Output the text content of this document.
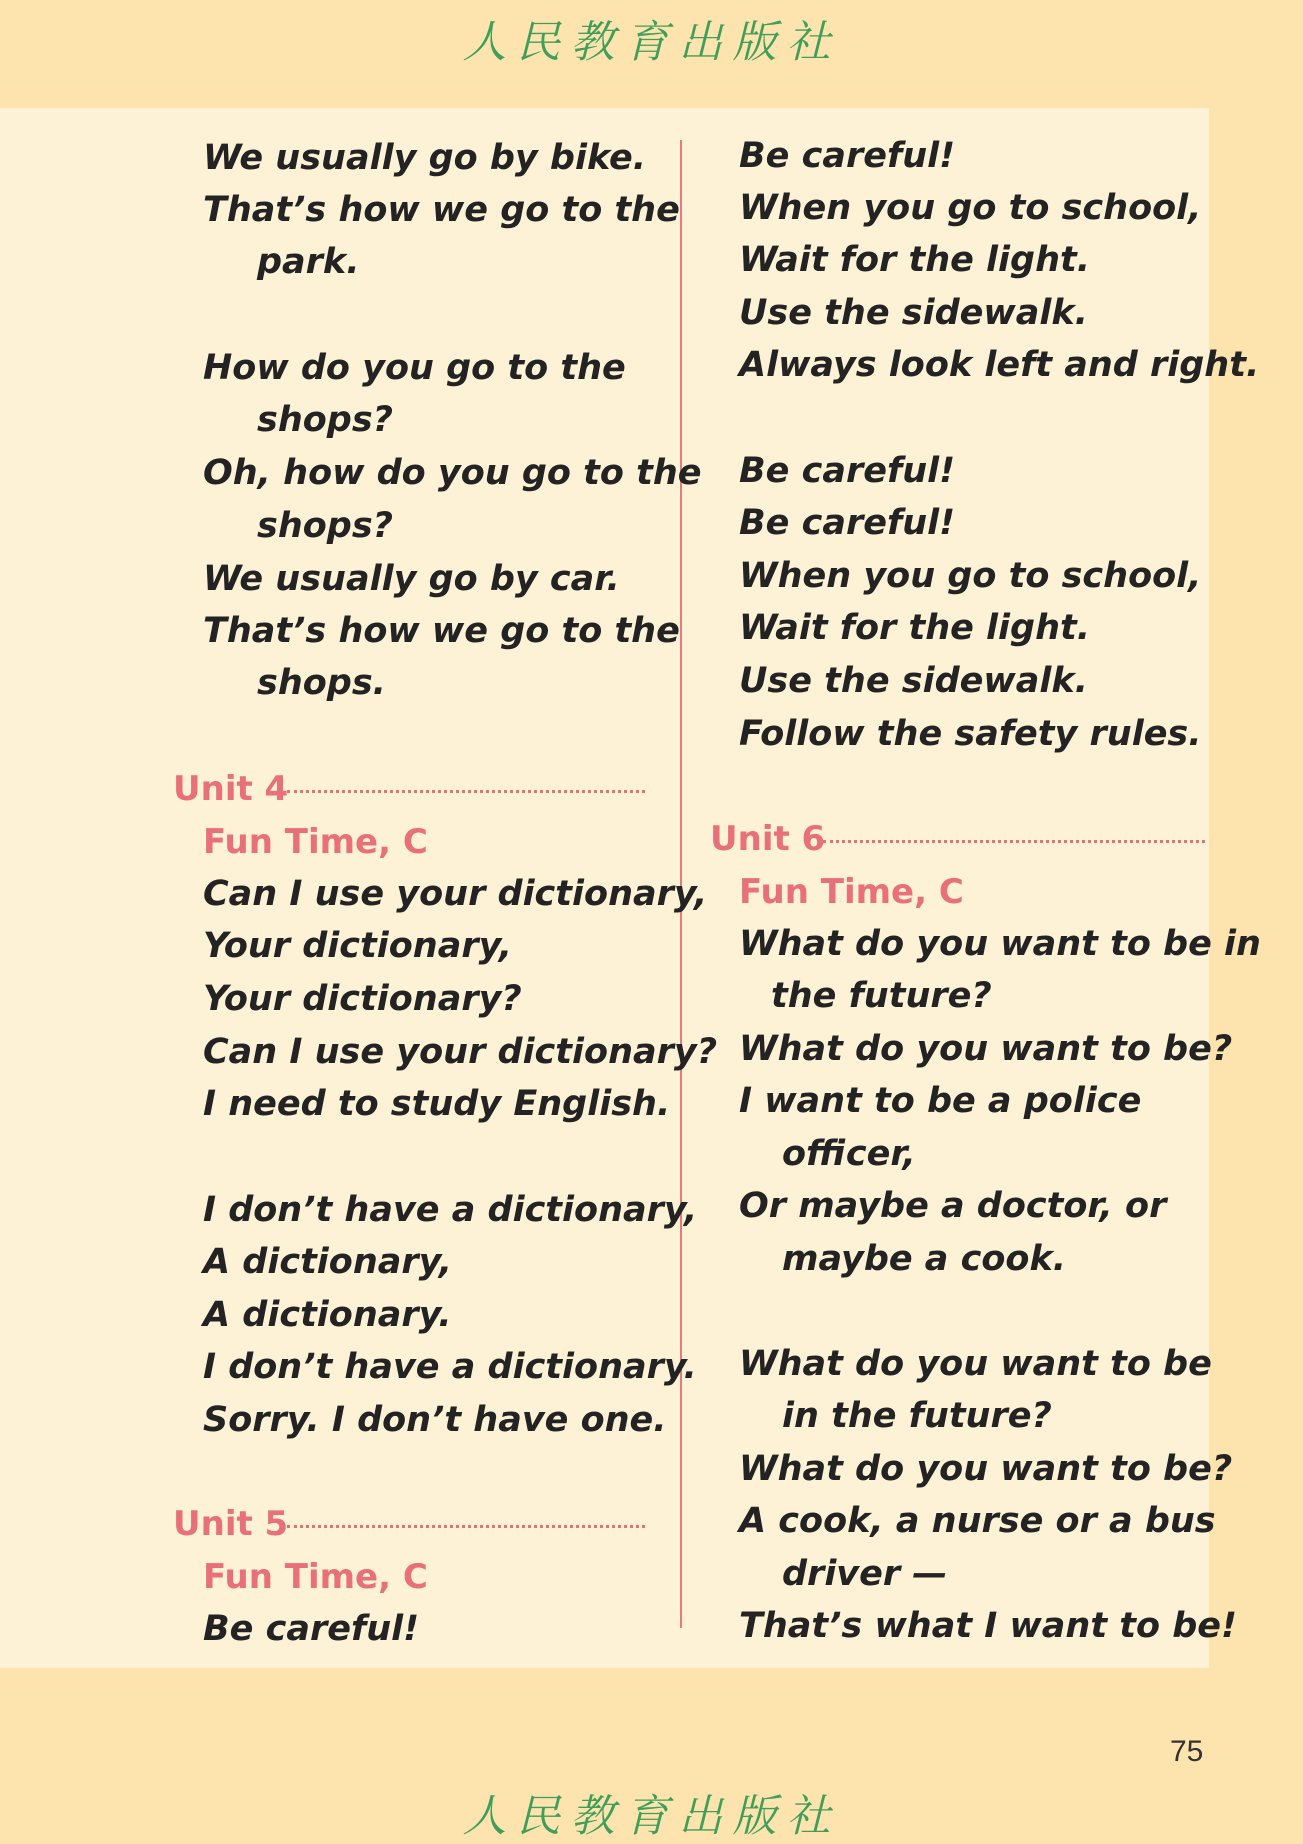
人民教育出版社
We usually go by bike.
That’s how we go to the
park.
How do you go to the
shops?
Oh, how do you go to the
shops?
We usually go by car.
That’s how we go to the
shops.
Unit 4
Fun Time, C
Can I use your dictionary,
Your dictionary,
Your dictionary?
Can I use your dictionary?
I need to study English.
I don’t have a dictionary,
A dictionary,
A dictionary.
I don’t have a dictionary.
Sorry. I don’t have one.
Unit 5
Fun Time, C
Be careful!
Be careful!
When you go to school,
Wait for the light.
Use the sidewalk.
Always look left and right.
Be careful!
Be careful!
When you go to school,
Wait for the light.
Use the sidewalk.
Follow the safety rules.
Unit 6
Fun Time, C
What do you want to be in
the future?
What do you want to be?
I want to be a police
officer,
Or maybe a doctor, or
maybe a cook.
What do you want to be
in the future?
What do you want to be?
A cook, a nurse or a bus
driver —
That’s what I want to be!
75
人民教育出版社
